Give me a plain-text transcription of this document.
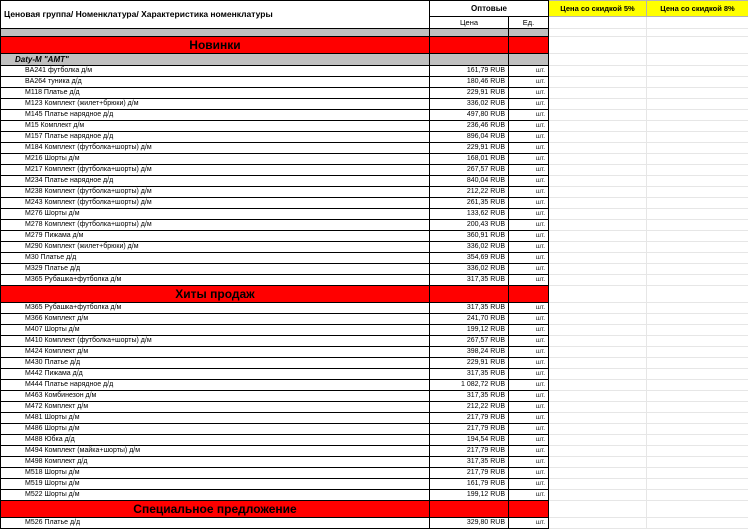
Ценовая группа/ Номенклатура/ Характеристика номенклатуры	Оптовые		Цена со скидкой 5%	Цена со скидкой 8%
	Цена	Ед.		

Новинки				
Daty-M "AMT"				
BA241 футболка д/м	161,79 RUB	шт.		
BA264 туника д/д	180,46 RUB	шт.		
M118 Платье д/д	229,91 RUB	шт.		
M123 Комплект (жилет+брюки) д/м	336,02 RUB	шт.		
M145 Платье нарядное д/д	497,80 RUB	шт.		
M15 Комплект д/м	236,46 RUB	шт.		
M157 Платье нарядное д/д	896,04 RUB	шт.		
M184 Комплект (футболка+шорты) д/м	229,91 RUB	шт.		
M216 Шорты д/м	168,01 RUB	шт.		
M217 Комплект (футболка+шорты) д/м	267,57 RUB	шт.		
M234 Платье нарядное д/д	840,04 RUB	шт.		
M238 Комплект (футболка+шорты) д/м	212,22 RUB	шт.		
M243 Комплект (футболка+шорты) д/м	261,35 RUB	шт.		
M276 Шорты д/м	133,62 RUB	шт.		
M278 Комплект (футболка+шорты) д/м	200,43 RUB	шт.		
M279 Пижама д/м	360,91 RUB	шт.		
M290 Комплект (жилет+брюки) д/м	336,02 RUB	шт.		
M30 Платье д/д	354,69 RUB	шт.		
M329 Платье д/д	336,02 RUB	шт.		
M365 Рубашка+футболка д/м	317,35 RUB	шт.		
Хиты продаж				
M365 Рубашка+футболка д/м	317,35 RUB	шт.		
M366 Комплект д/м	241,70 RUB	шт.		
M407 Шорты д/м	199,12 RUB	шт.		
M410 Комплект (футболка+шорты) д/м	267,57 RUB	шт.		
M424 Комплект д/м	398,24 RUB	шт.		
M430 Платье д/д	229,91 RUB	шт.		
M442 Пижама д/д	317,35 RUB	шт.		
M444 Платье нарядное д/д	1 082,72 RUB	шт.		
M463 Комбинезон д/м	317,35 RUB	шт.		
M472 Комплект д/м	212,22 RUB	шт.		
M481 Шорты д/м	217,79 RUB	шт.		
M486 Шорты д/м	217,79 RUB	шт.		
M488 Юбка д/д	194,54 RUB	шт.		
M494 Комплект (майка+шорты) д/м	217,79 RUB	шт.		
M498 Комплект д/д	317,35 RUB	шт.		
M518 Шорты д/м	217,79 RUB	шт.		
M519 Шорты д/м	161,79 RUB	шт.		
M522 Шорты д/м	199,12 RUB	шт.		
Специальное предложение				
M526 Платье д/д	329,80 RUB	шт.		
